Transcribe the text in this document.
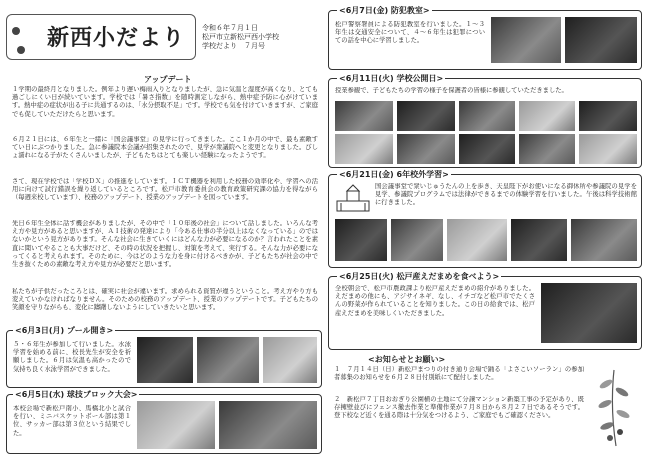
新西小だより 令和６年７月１日
松戸市立新松戸西小学校
学校だより　７月号
アップデート
１学期の最終月となりました。例年より遅い梅雨入りとなりましたが、急に気温と湿度が高くなり、とても過ごしにくい日が続いています。学校では「暑さ指数」を随時測定しながら、熱中症予防に心がけています。熱中症の症状が出る子に共通するのは、「水分摂取不足」です。学校でも気を付けていきますが、ご家庭でも促していただけたらと思います。
６月２１日には、６年生と一緒に「国会議事堂」の見学に行ってきました。ここ１か月の中で、最も素敵すてい日にぶつかりました。急に参議院本会議が招集されたので、見学が衆議院へと変更となりました。びしょ濡れになる子がたくさんいましたが、子どもたちはとても楽しい経験になったようです。
さて、現在学校では「学校ＤＸ」の推進をしています。ＩＣＴ機器を利用した校務の効率化や、学習への活用に向けて試行錯誤を繰り返しているところです。松戸市教育委員会の教育政策研究課の協力を得ながら（毎週来校しています）、校務のアップデート、授業のアップデートを図っています。
先日６年生全体に話す機会がありましたが、その中で「１０年後の社会」について話しました。いろんな考え方や見方があると思いますが、ＡＩ技術の発達により「今ある仕事の半分以上はなくなっている」のではないかという見方があります。そんな社会に生きていくにはどんな力が必要になるのか？言われたことを素直に聞いてやることも大事だけど、その時の状況を把握し、対策を考えて、実行する。そんな力が必要になってくると考えられます。そのために、今はどのような力を身に付けるべきかが、子どもたちが社会の中で生き抜くための素敵な考え方や見方が必要だと思います。
私たちが子供だったころとは、確実に社会が違います。求められる資質が違うということ。考え方やり方も変えていかなければなりません。そのための校務のアップデート、授業のアップデートです。子どもたちの笑顔を守りながらも、変化に躊躇しないようにしていきたいと思います。
<6月3日(月) プール開き>
５・６年生が参加して行いました。水泳学習を始める前に、校長先生が安全を祈願しました。６月は気温も高かったので気持ち良く水泳学習ができました。
<6月5日(水) 球技ブロック大会>
本校会場で新松戸南小、馬橋北小と試合を行い、ミニバスケットボール部は第１位、サッカー部は第３位という結果でした。
<6月7日(金) 防犯教室>
松戸警察署員による防犯教室を行いました。１～３年生は交通安全について、４～６年生は犯罪についての話を中心に学習しました。
<6月11日(火) 学校公開日>
授業参観で、子どもたちの学習の様子を保護者の皆様に参観していただきました。
<6月21日(金) 6年校外学習>
国会議事堂で衆いじゅうたんの上を歩き、天皇陛下がお使いになる御休所や参議院の見学を見学、参議院プログラムでは法律ができるまでの体験学習を行いました。午後は科学技術館に行きました。
<6月25日(火) 松戸産えだまめを食べよう>
全校朝会で、松戸市農政課より松戸産えだまめの紹介がありました。えだまめの他にも、アジサイネギ、なし、イチゴなど松戸市でたくさんの野菜が作られていることを知りました。この日の給食では、松戸産えだまめを美味しくいただきました。
<お知らせとお願い>
１　７月１４日（日）新松戸まつりの付き通り会場で踊る「よさこいソーラン」の参加者募集のお知らせを６月２８日付別紙にて配付しました。
２　新松戸７丁目おおぎり公園横の土地にて分譲マンション新築工事の予定があり、既存擁壁並びにフェンス撤去作業と準備作業が７月８日から８月２７日であるそうです。登下校など近くを通る際は十分気をつけるよう、ご家庭でもご確認ください。
